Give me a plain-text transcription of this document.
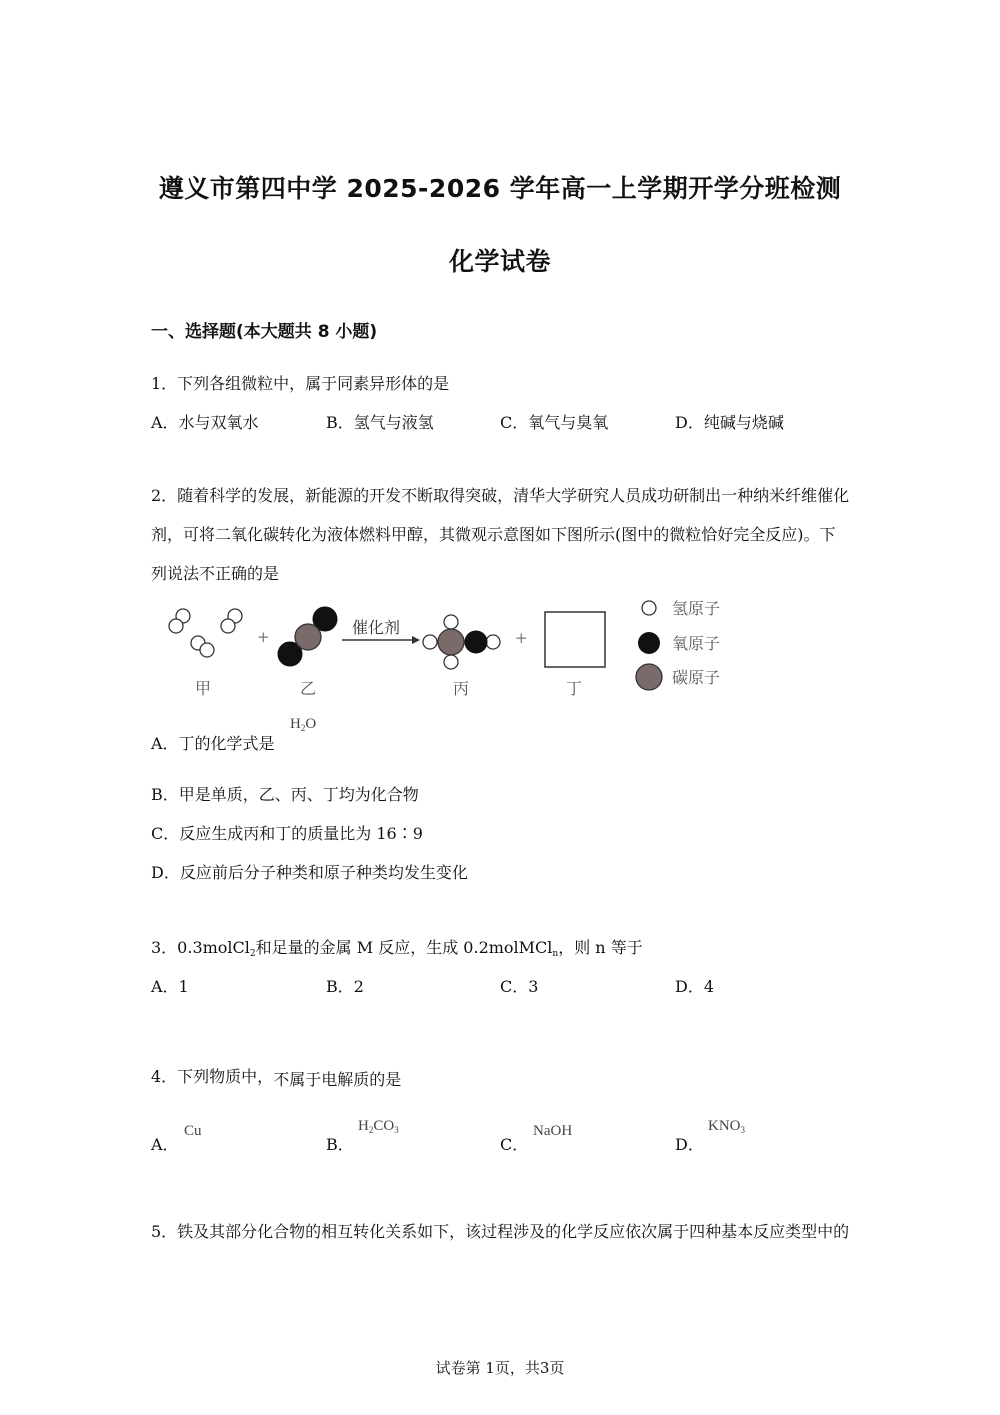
遵义市第四中学 2025-2026 学年高一上学期开学分班检测
化学试卷
一、选择题(本大题共 8 小题)
1．下列各组微粒中，属于同素异形体的是
A．水与双氧水	B．氢气与液氢	C．氧气与臭氧	D．纯碱与烧碱
2．随着科学的发展，新能源的开发不断取得突破，清华大学研究人员成功研制出一种纳米纤维催化剂，可将二氧化碳转化为液体燃料甲醇，其微观示意图如下图所示(图中的微粒恰好完全反应)。下列说法不正确的是
+	催化剂
+
甲	乙	丙	丁
氢原子
氧原子
碳原子
A．丁的化学式是
$H_2O$
B．甲是单质，乙、丙、丁均为化合物
C．反应生成丙和丁的质量比为 16∶9
D．反应前后分子种类和原子种类均发生变化
3．0.3molCl$_2$和足量的金属 M 反应，生成 0.2molMCl$_n$，则 n 等于
A．1	B．2	C．3	D．4
4．下列物质中，不属于电解质的是
A．
Cu
B．
$H_2CO_3$
C．
NaOH
D．
$KNO_3$
5．铁及其部分化合物的相互转化关系如下，该过程涉及的化学反应依次属于四种基本反应类型中的
试卷第 1页，共3页
